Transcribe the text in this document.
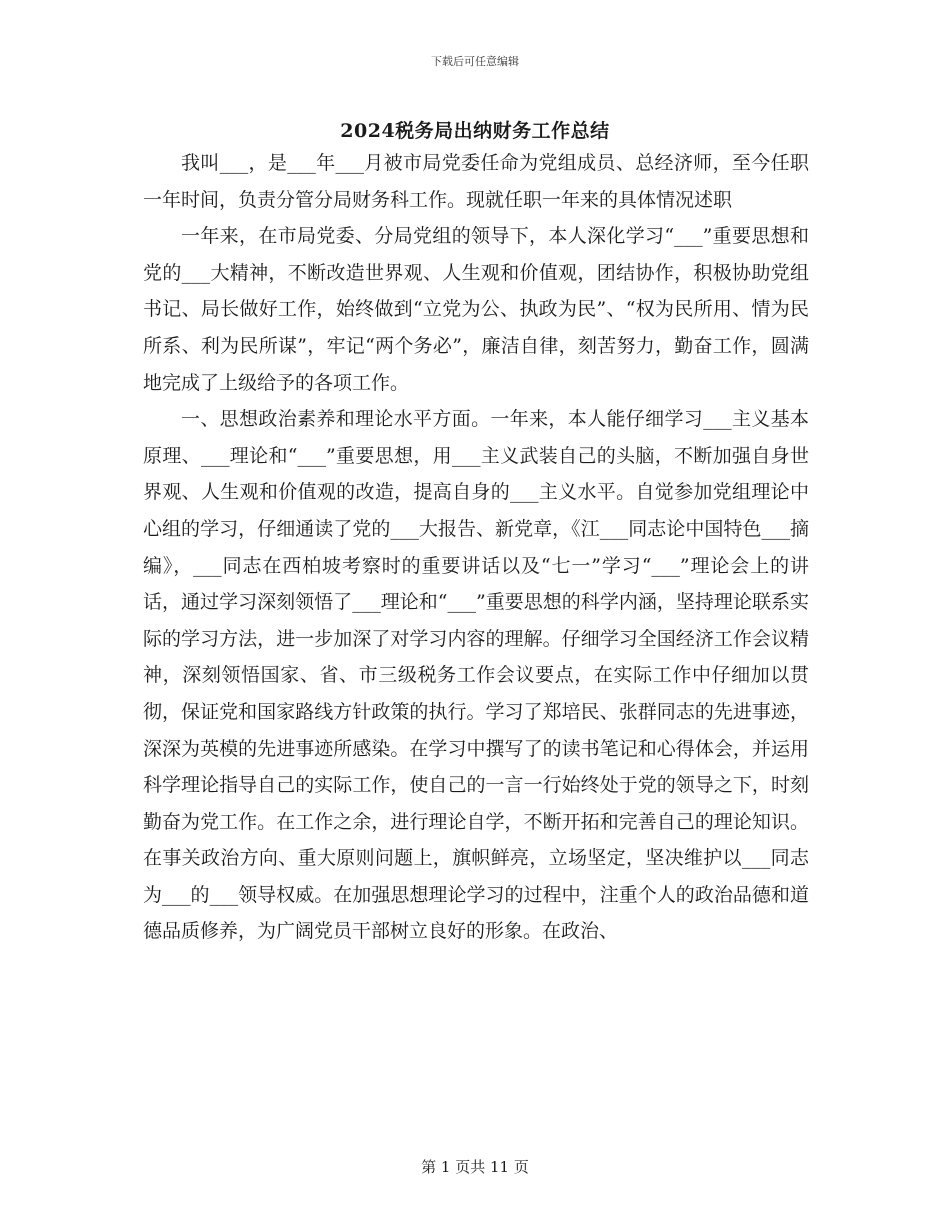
下载后可任意编辑
2024税务局出纳财务工作总结

我叫___，是___年___月被市局党委任命为党组成员、总经济师，至今任职一年时间，负责分管分局财务科工作。现就任职一年来的具体情况述职

一年来，在市局党委、分局党组的领导下，本人深化学习“___”重要思想和党的___大精神，不断改造世界观、人生观和价值观，团结协作，积极协助党组书记、局长做好工作，始终做到“立党为公、执政为民”、“权为民所用、情为民所系、利为民所谋”，牢记“两个务必”，廉洁自律，刻苦努力，勤奋工作，圆满地完成了上级给予的各项工作。

一、思想政治素养和理论水平方面。一年来，本人能仔细学习___主义基本原理、___理论和“___”重要思想，用___主义武装自己的头脑，不断加强自身世界观、人生观和价值观的改造，提高自身的___主义水平。自觉参加党组理论中心组的学习，仔细通读了党的___大报告、新党章，《江___同志论中国特色___摘编》，___同志在西柏坡考察时的重要讲话以及“七一”学习“___”理论会上的讲话，通过学习深刻领悟了___理论和“___”重要思想的科学内涵，坚持理论联系实际的学习方法，进一步加深了对学习内容的理解。仔细学习全国经济工作会议精神，深刻领悟国家、省、市三级税务工作会议要点，在实际工作中仔细加以贯彻，保证党和国家路线方针政策的执行。学习了郑培民、张群同志的先进事迹，深深为英模的先进事迹所感染。在学习中撰写了的读书笔记和心得体会，并运用科学理论指导自己的实际工作，使自己的一言一行始终处于党的领导之下，时刻勤奋为党工作。在工作之余，进行理论自学，不断开拓和完善自己的理论知识。在事关政治方向、重大原则问题上，旗帜鲜亮，立场坚定，坚决维护以___同志为___的___领导权威。在加强思想理论学习的过程中，注重个人的政治品德和道德品质修养，为广阔党员干部树立良好的形象。在政治、

第 1 页共 11 页
